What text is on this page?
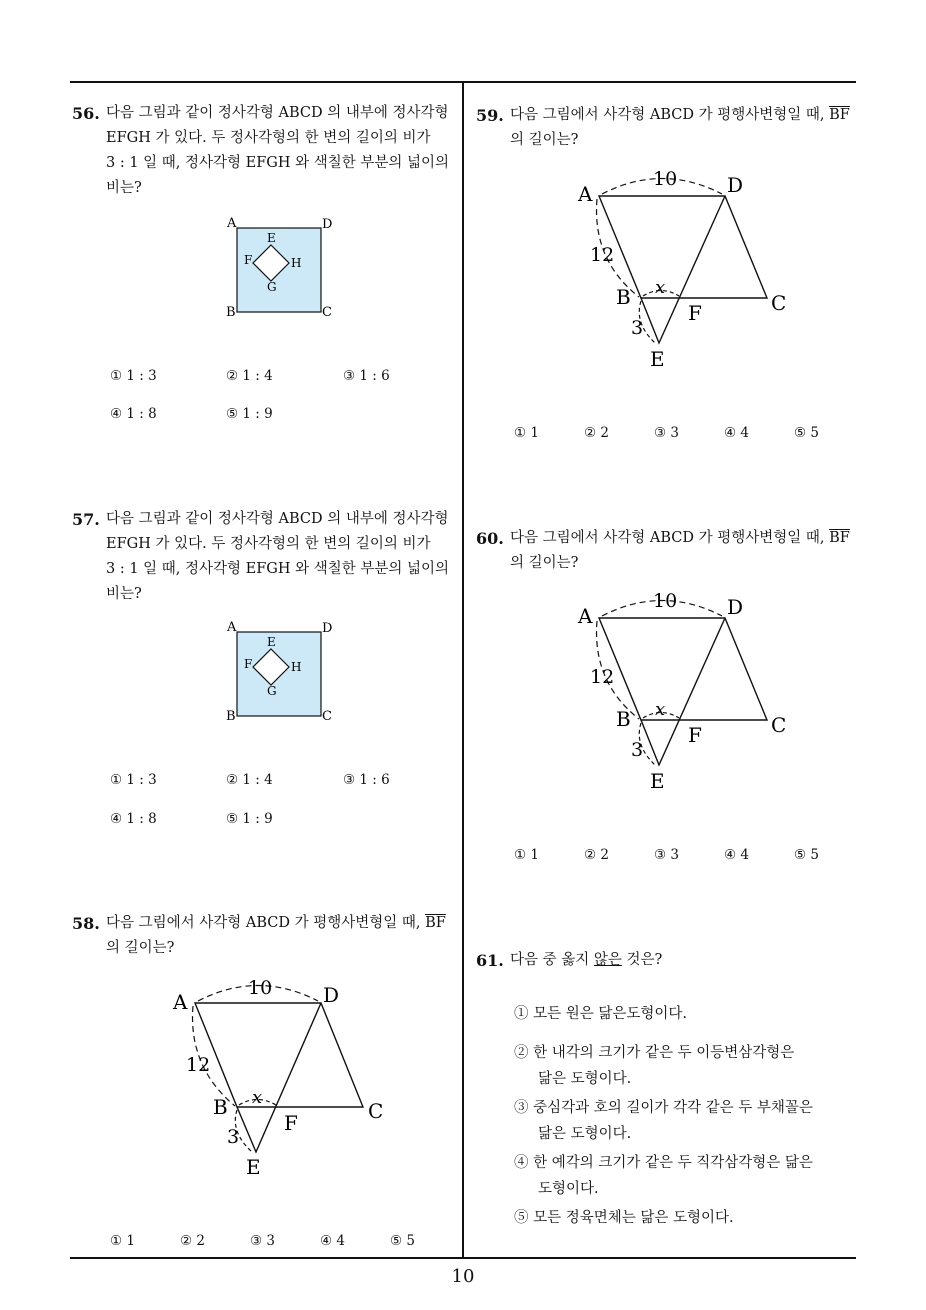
56. 다음 그림과 같이 정사각형 ABCD 의 내부에 정사각형
EFGH 가 있다. 두 정사각형의 한 변의 길이의 비가
3 : 1 일 때, 정사각형 EFGH 와 색칠한 부분의 넓이의
비는?
A	D
B	C
E
F	H
G
① 1 : 3	② 1 : 4	③ 1 : 6
④ 1 : 8	⑤ 1 : 9
57. 다음 그림과 같이 정사각형 ABCD 의 내부에 정사각형
EFGH 가 있다. 두 정사각형의 한 변의 길이의 비가
3 : 1 일 때, 정사각형 EFGH 와 색칠한 부분의 넓이의
비는?
A	D
B	C
E
F	H
G
① 1 : 3	② 1 : 4	③ 1 : 6
④ 1 : 8	⑤ 1 : 9
58. 다음 그림에서 사각형 ABCD 가 평행사변형일 때, $\overline{BF}$
의 길이는?
A	D
B	C
F
E
10
12
3
x
① 1	② 2	③ 3	④ 4	⑤ 5
59. 다음 그림에서 사각형 ABCD 가 평행사변형일 때, $\overline{BF}$
의 길이는?
A	D
B	C
F
E
10
12
3
x
① 1	② 2	③ 3	④ 4	⑤ 5
60. 다음 그림에서 사각형 ABCD 가 평행사변형일 때, $\overline{BF}$
의 길이는?
A	D
B	C
F
E
10
12
3
x
① 1	② 2	③ 3	④ 4	⑤ 5
61. 다음 중 옳지 않은 것은?
① 모든 원은 닮은도형이다.
② 한 내각의 크기가 같은 두 이등변삼각형은
닮은 도형이다.
③ 중심각과 호의 길이가 각각 같은 두 부채꼴은
닮은 도형이다.
④ 한 예각의 크기가 같은 두 직각삼각형은 닮은
도형이다.
⑤ 모든 정육면체는 닮은 도형이다.
10
